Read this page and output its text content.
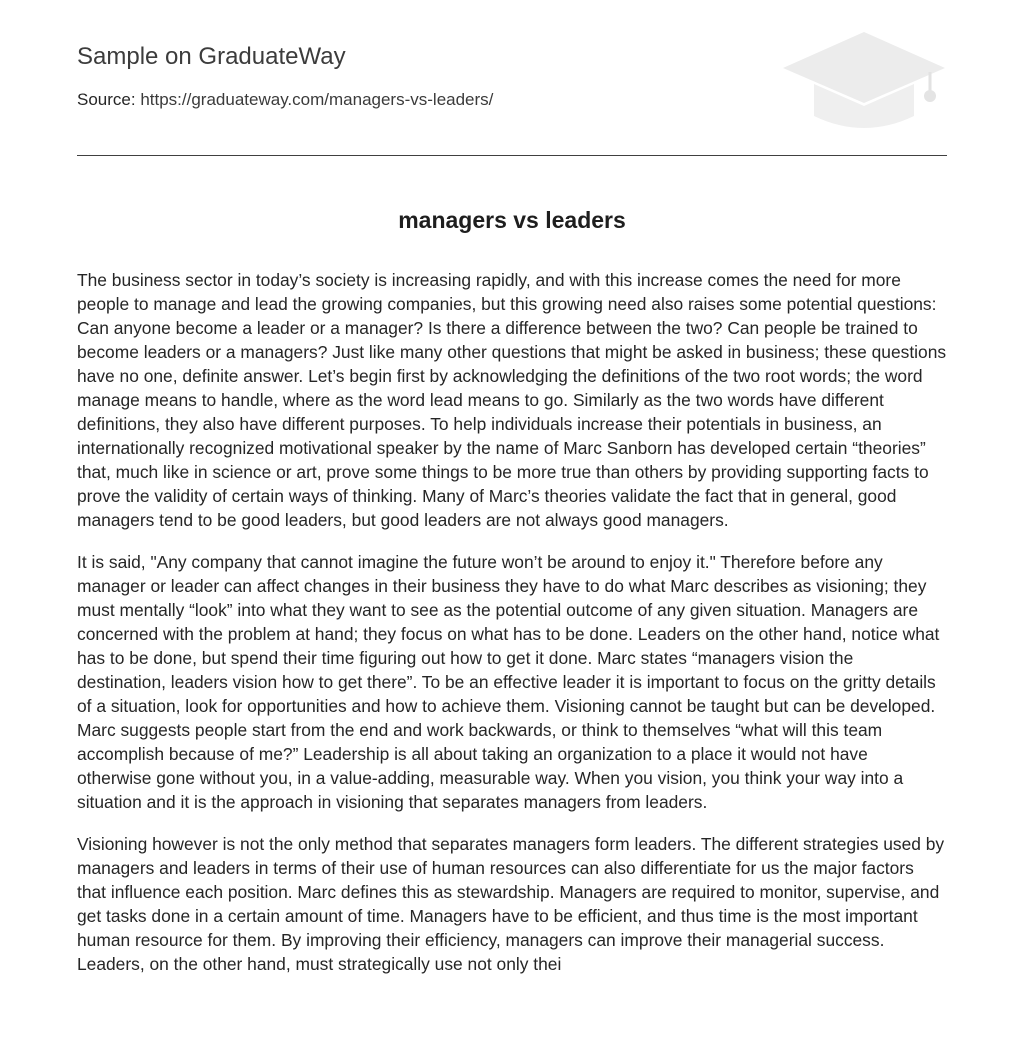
Sample on GraduateWay
Source: https://graduateway.com/managers-vs-leaders/
managers vs leaders

The business sector in today’s society is increasing rapidly, and with this increase comes the need for more people to manage and lead the growing companies, but this growing need also raises some potential questions: Can anyone become a leader or a manager? Is there a difference between the two? Can people be trained to become leaders or a managers? Just like many other questions that might be asked in business; these questions have no one, definite answer. Let’s begin first by acknowledging the definitions of the two root words; the word manage means to handle, where as the word lead means to go. Similarly as the two words have different definitions, they also have different purposes. To help individuals increase their potentials in business, an internationally recognized motivational speaker by the name of Marc Sanborn has developed certain “theories” that, much like in science or art, prove some things to be more true than others by providing supporting facts to prove the validity of certain ways of thinking. Many of Marc’s theories validate the fact that in general, good managers tend to be good leaders, but good leaders are not always good managers.

It is said, "Any company that cannot imagine the future won’t be around to enjoy it." Therefore before any manager or leader can affect changes in their business they have to do what Marc describes as visioning; they must mentally “look” into what they want to see as the potential outcome of any given situation. Managers are concerned with the problem at hand; they focus on what has to be done. Leaders on the other hand, notice what has to be done, but spend their time figuring out how to get it done. Marc states “managers vision the destination, leaders vision how to get there”. To be an effective leader it is important to focus on the gritty details of a situation, look for opportunities and how to achieve them. Visioning cannot be taught but can be developed. Marc suggests people start from the end and work backwards, or think to themselves “what will this team accomplish because of me?” Leadership is all about taking an organization to a place it would not have otherwise gone without you, in a value-adding, measurable way. When you vision, you think your way into a situation and it is the approach in visioning that separates managers from leaders.

Visioning however is not the only method that separates managers form leaders. The different strategies used by managers and leaders in terms of their use of human resources can also differentiate for us the major factors that influence each position. Marc defines this as stewardship. Managers are required to monitor, supervise, and get tasks done in a certain amount of time. Managers have to be efficient, and thus time is the most important human resource for them. By improving their efficiency, managers can improve their managerial success. Leaders, on the other hand, must strategically use not only thei
